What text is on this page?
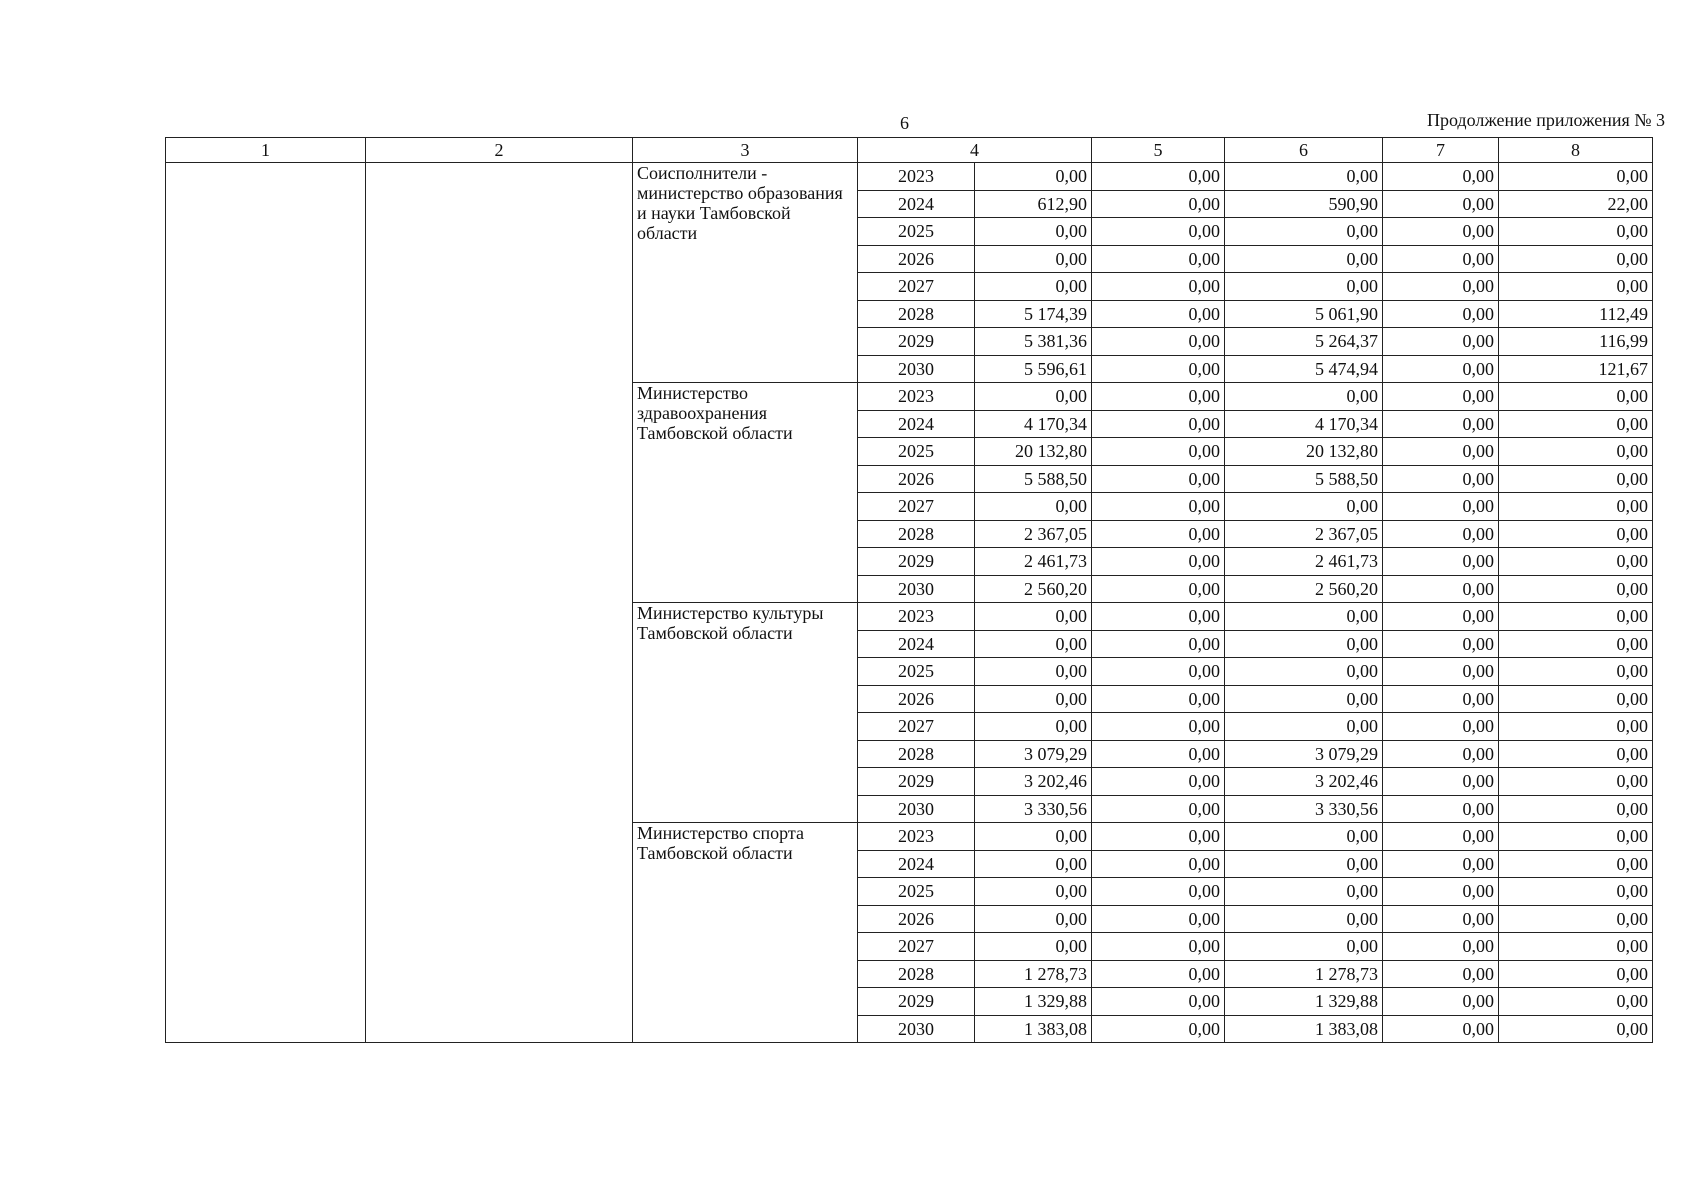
6	Продолжение приложения № 3
1	2	3	4		5	6	7	8
		Соисполнители - министерство образования и науки Тамбовской области	2023	0,00	0,00	0,00	0,00	0,00
			2024	612,90	0,00	590,90	0,00	22,00
			2025	0,00	0,00	0,00	0,00	0,00
			2026	0,00	0,00	0,00	0,00	0,00
			2027	0,00	0,00	0,00	0,00	0,00
			2028	5 174,39	0,00	5 061,90	0,00	112,49
			2029	5 381,36	0,00	5 264,37	0,00	116,99
			2030	5 596,61	0,00	5 474,94	0,00	121,67
		Министерство здравоохранения Тамбовской области	2023	0,00	0,00	0,00	0,00	0,00
			2024	4 170,34	0,00	4 170,34	0,00	0,00
			2025	20 132,80	0,00	20 132,80	0,00	0,00
			2026	5 588,50	0,00	5 588,50	0,00	0,00
			2027	0,00	0,00	0,00	0,00	0,00
			2028	2 367,05	0,00	2 367,05	0,00	0,00
			2029	2 461,73	0,00	2 461,73	0,00	0,00
			2030	2 560,20	0,00	2 560,20	0,00	0,00
		Министерство культуры Тамбовской области	2023	0,00	0,00	0,00	0,00	0,00
			2024	0,00	0,00	0,00	0,00	0,00
			2025	0,00	0,00	0,00	0,00	0,00
			2026	0,00	0,00	0,00	0,00	0,00
			2027	0,00	0,00	0,00	0,00	0,00
			2028	3 079,29	0,00	3 079,29	0,00	0,00
			2029	3 202,46	0,00	3 202,46	0,00	0,00
			2030	3 330,56	0,00	3 330,56	0,00	0,00
		Министерство спорта Тамбовской области	2023	0,00	0,00	0,00	0,00	0,00
			2024	0,00	0,00	0,00	0,00	0,00
			2025	0,00	0,00	0,00	0,00	0,00
			2026	0,00	0,00	0,00	0,00	0,00
			2027	0,00	0,00	0,00	0,00	0,00
			2028	1 278,73	0,00	1 278,73	0,00	0,00
			2029	1 329,88	0,00	1 329,88	0,00	0,00
			2030	1 383,08	0,00	1 383,08	0,00	0,00
